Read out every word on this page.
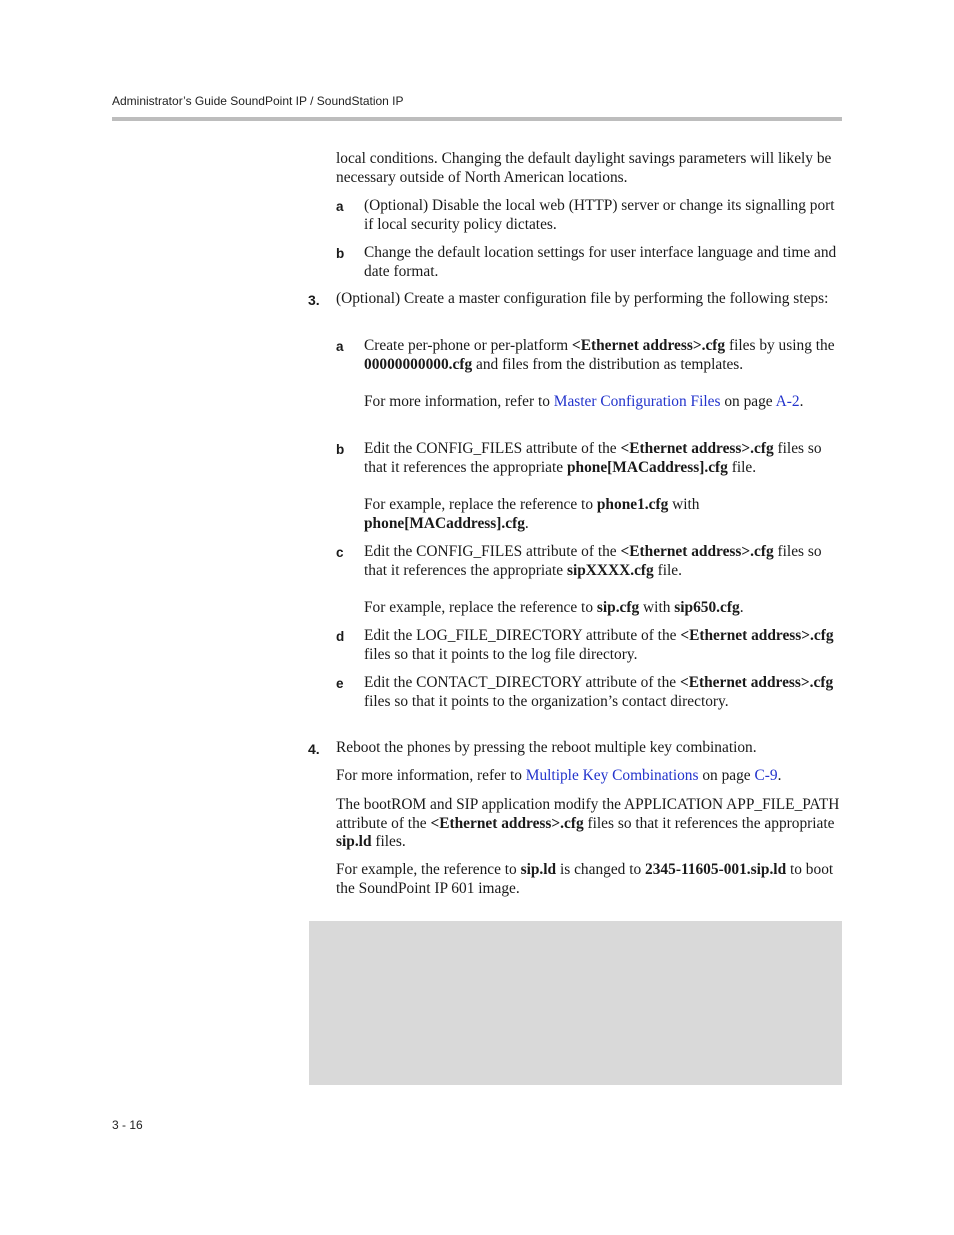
Administrator’s Guide SoundPoint IP / SoundStation IP
local conditions. Changing the default daylight savings parameters will likely be necessary outside of North American locations.
a (Optional) Disable the local web (HTTP) server or change its signalling port if local security policy dictates.
b Change the default location settings for user interface language and time and date format.
3. (Optional) Create a master configuration file by performing the following steps:
a Create per-phone or per-platform <Ethernet address>.cfg files by using the 00000000000.cfg and files from the distribution as templates.
For more information, refer to Master Configuration Files on page A-2.
b Edit the CONFIG_FILES attribute of the <Ethernet address>.cfg files so that it references the appropriate phone[MACaddress].cfg file.
For example, replace the reference to phone1.cfg with
phone[MACaddress].cfg.
c Edit the CONFIG_FILES attribute of the <Ethernet address>.cfg files so that it references the appropriate sipXXXX.cfg file.
For example, replace the reference to sip.cfg with sip650.cfg.
d Edit the LOG_FILE_DIRECTORY attribute of the <Ethernet address>.cfg files so that it points to the log file directory.
e Edit the CONTACT_DIRECTORY attribute of the <Ethernet address>.cfg files so that it points to the organization’s contact directory.
4. Reboot the phones by pressing the reboot multiple key combination.
For more information, refer to Multiple Key Combinations on page C-9.
The bootROM and SIP application modify the APPLICATION APP_FILE_PATH attribute of the <Ethernet address>.cfg files so that it references the appropriate sip.ld files.
For example, the reference to sip.ld is changed to 2345-11605-001.sip.ld to boot the SoundPoint IP 601 image.
3 - 16
